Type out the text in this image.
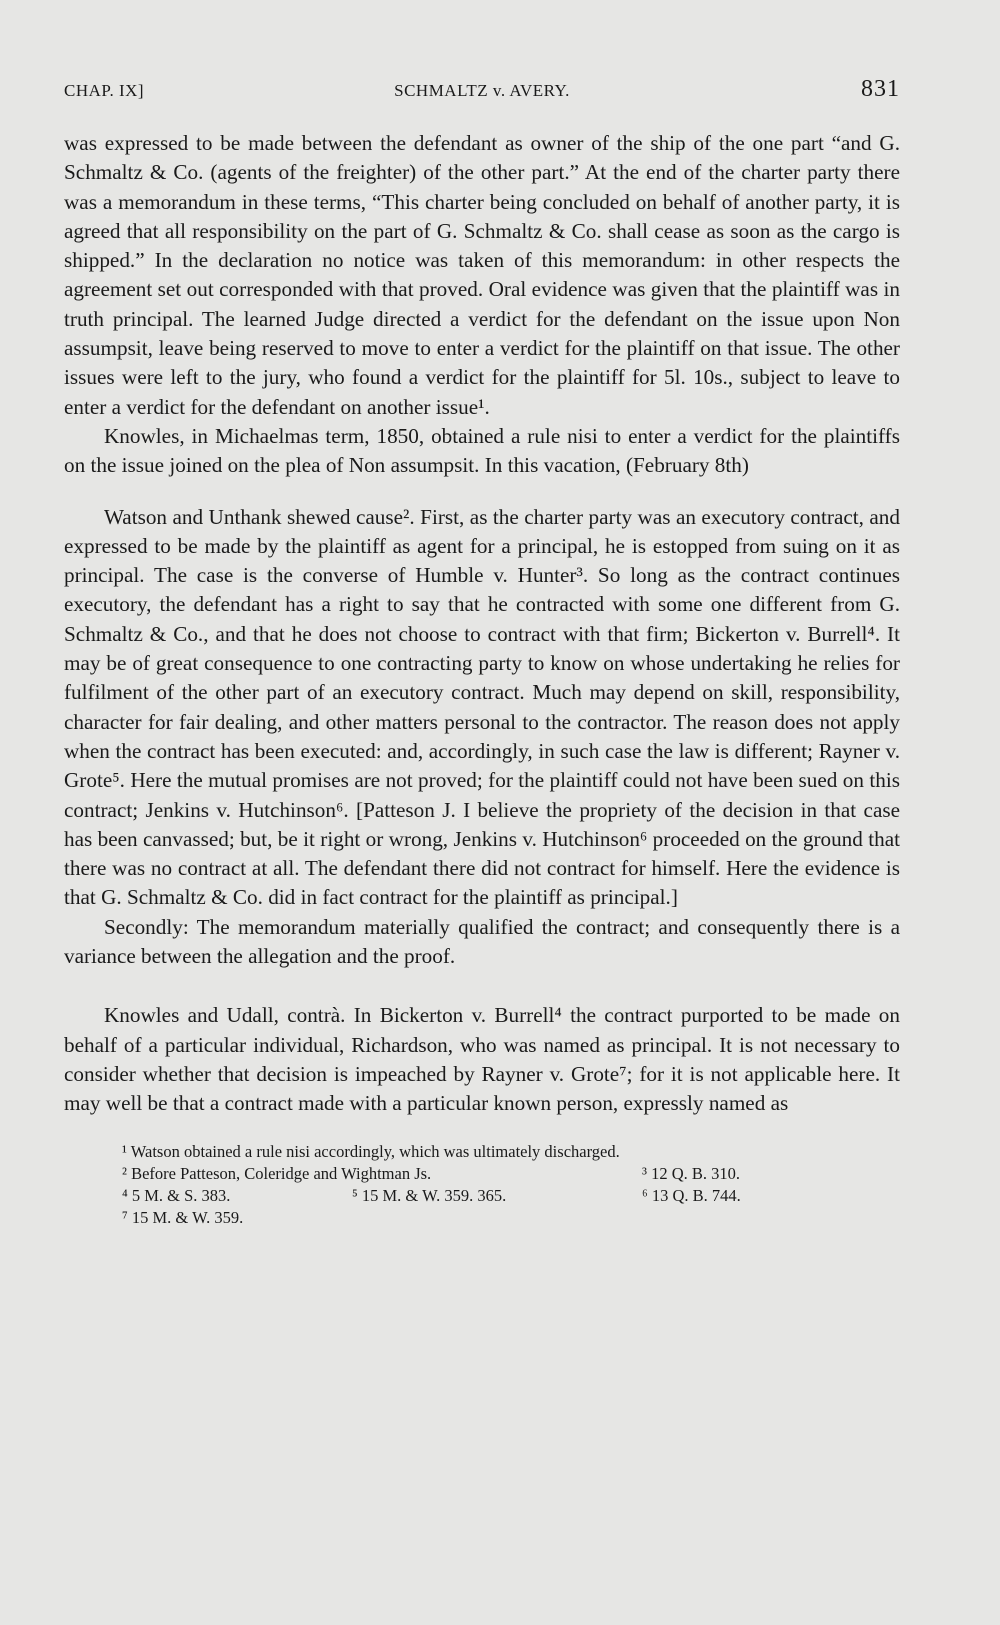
CHAP. IX]	SCHMALTZ v. AVERY.	831

was expressed to be made between the defendant as owner of the ship of the one part “and G. Schmaltz & Co. (agents of the freighter) of the other part.” At the end of the charter party there was a memorandum in these terms, “This charter being concluded on behalf of another party, it is agreed that all responsibility on the part of G. Schmaltz & Co. shall cease as soon as the cargo is shipped.” In the declaration no notice was taken of this memorandum: in other respects the agreement set out corresponded with that proved. Oral evidence was given that the plaintiff was in truth principal. The learned Judge directed a verdict for the defendant on the issue upon Non assumpsit, leave being reserved to move to enter a verdict for the plaintiff on that issue. The other issues were left to the jury, who found a verdict for the plaintiff for 5l. 10s., subject to leave to enter a verdict for the defendant on another issue¹.

Knowles, in Michaelmas term, 1850, obtained a rule nisi to enter a verdict for the plaintiffs on the issue joined on the plea of Non assumpsit. In this vacation, (February 8th)

Watson and Unthank shewed cause². First, as the charter party was an executory contract, and expressed to be made by the plaintiff as agent for a principal, he is estopped from suing on it as principal. The case is the converse of Humble v. Hunter³. So long as the contract continues executory, the defendant has a right to say that he contracted with some one different from G. Schmaltz & Co., and that he does not choose to contract with that firm; Bickerton v. Burrell⁴. It may be of great consequence to one contracting party to know on whose undertaking he relies for fulfilment of the other part of an executory contract. Much may depend on skill, responsibility, character for fair dealing, and other matters personal to the contractor. The reason does not apply when the contract has been executed: and, accordingly, in such case the law is different; Rayner v. Grote⁵. Here the mutual promises are not proved; for the plaintiff could not have been sued on this contract; Jenkins v. Hutchinson⁶. [Patteson J. I believe the propriety of the decision in that case has been canvassed; but, be it right or wrong, Jenkins v. Hutchinson⁶ proceeded on the ground that there was no contract at all. The defendant there did not contract for himself. Here the evidence is that G. Schmaltz & Co. did in fact contract for the plaintiff as principal.]

Secondly: The memorandum materially qualified the contract; and consequently there is a variance between the allegation and the proof.

Knowles and Udall, contrà. In Bickerton v. Burrell⁴ the contract purported to be made on behalf of a particular individual, Richardson, who was named as principal. It is not necessary to consider whether that decision is impeached by Rayner v. Grote⁷; for it is not applicable here. It may well be that a contract made with a particular known person, expressly named as

¹ Watson obtained a rule nisi accordingly, which was ultimately discharged.
² Before Patteson, Coleridge and Wightman Js.	³ 12 Q. B. 310.
⁴ 5 M. & S. 383.	⁵ 15 M. & W. 359. 365.	⁶ 13 Q. B. 744.
⁷ 15 M. & W. 359.
